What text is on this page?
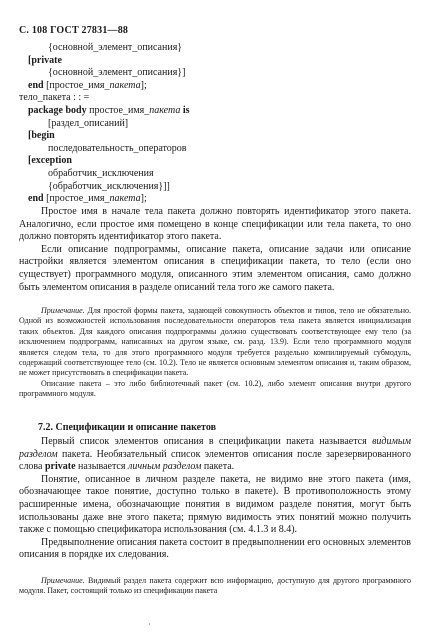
С. 108 ГОСТ 27831—88
{основной_элемент_описания}
[private
{основной_элемент_описания}]
end [простое_имя_пакета];
тело_пакета : : =
package body простое_имя_пакета is
[раздел_описаний]
[begin
последовательность_операторов
[exception
обработчик_исключения
{обработчик_исключения}]]
end [простое_имя_пакета];

Простое имя в начале тела пакета должно повторять идентификатор этого пакета. Аналогично, если простое имя помещено в конце спецификации или тела пакета, то оно должно повторять идентификатор этого пакета.

Если описание подпрограммы, описание пакета, описание задачи или описание настройки является элементом описания в спецификации пакета, то тело (если оно существует) программного модуля, описанного этим элементом описания, само должно быть элементом описания в разделе описаний тела того же самого пакета.

Примечание. Для простой формы пакета, задающей совокупность объектов и типов, тело не обязательно. Одной из возможностей использования последовательности операторов тела пакета является инициализация таких объектов. Для каждого описания подпрограммы должно существовать соответствующее ему тело (за исключением подпрограмм, написанных на другом языке, см. разд. 13.9). Если тело программного модуля является следом тела, то для этого программного модуля требуется раздельно компилируемый субмодуль, содержащий соответствующее тело (см. 10.2). Тело не является основным элементом описания и, таким образом, не может присутствовать в спецификации пакета.

Описание пакета – это либо библиотечный пакет (см. 10.2), либо элемент описания внутри другого программного модуля.

7.2. Спецификации и описание пакетов

Первый список элементов описания в спецификации пакета называется видимым разделом пакета. Необязательный список элементов описания после зарезервированного слова private называется личным разделом пакета.

Понятие, описанное в личном разделе пакета, не видимо вне этого пакета (имя, обозначающее такое понятие, доступно только в пакете). В противоположность этому расширенные имена, обозначающие понятия в видимом разделе понятия, могут быть использованы даже вне этого пакета; прямую видимость этих понятий можно получить также с помощью спецификатора использования (см. 4.1.3 и 8.4).

Предвыполнение описания пакета состоит в предвыполнении его основных элементов описания в порядке их следования.

Примечание. Видимый раздел пакета содержит всю информацию, доступную для другого программного модуля. Пакет, состоящий только из спецификации пакета

·
